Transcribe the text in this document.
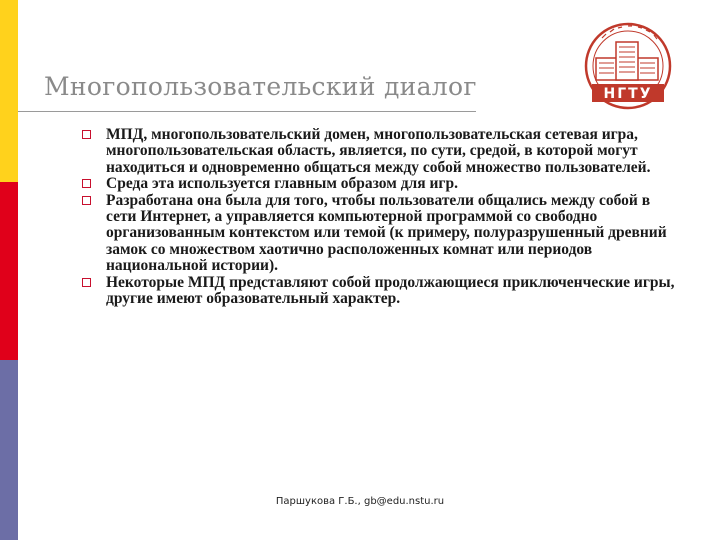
Многопользовательский диалог	НГТУ
МПД, многопользовательский домен, многопользовательская сетевая игра, многопользовательская область, является, по сути, средой, в которой могут находиться и одновременно общаться между собой множество пользователей.
Среда эта используется главным образом для игр.
Разработана она была для того, чтобы пользователи общались между собой в сети Интернет, а управляется компьютерной программой со свободно организованным контекстом или темой (к примеру, полуразрушенный древний замок со множеством хаотично расположенных комнат или периодов национальной истории).
Некоторые МПД представляют собой продолжающиеся приключенческие игры, другие имеют образовательный характер.
Паршукова Г.Б., gb@edu.nstu.ru
